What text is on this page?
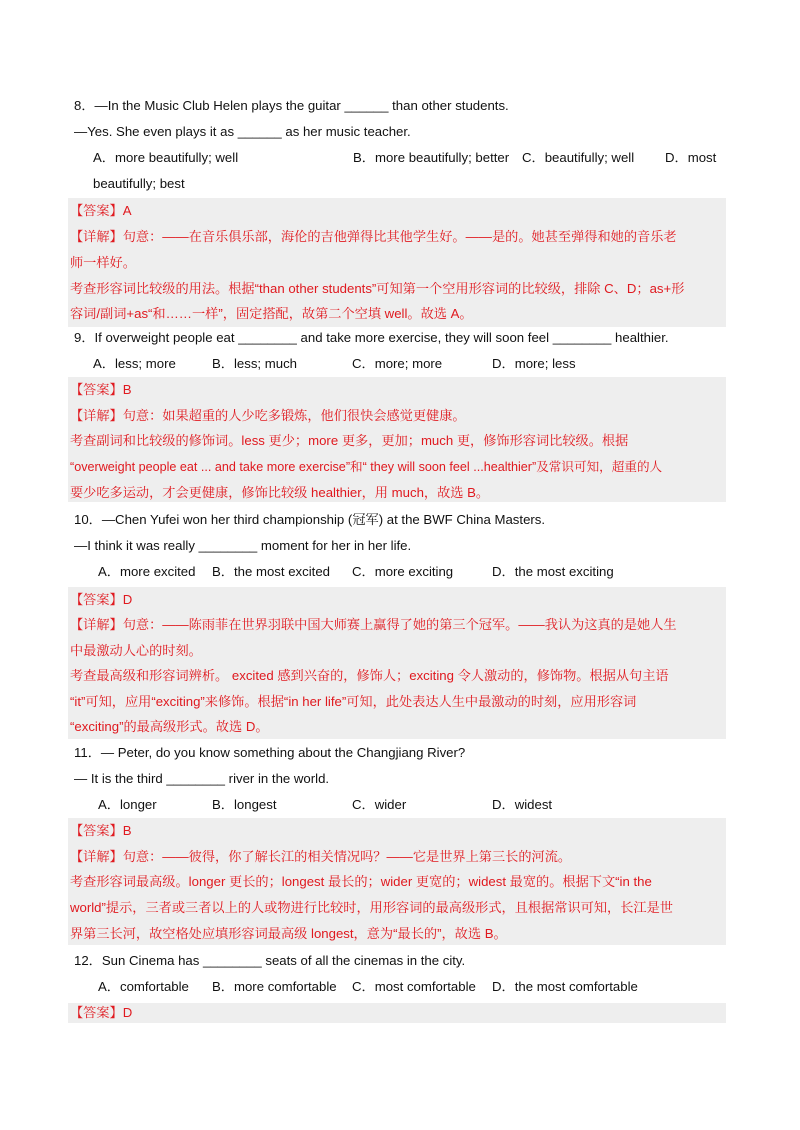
8．—In the Music Club Helen plays the guitar ______ than other students.
—Yes. She even plays it as ______ as her music teacher.
A．more beautifully; well	B．more beautifully; better C．beautifully; well D．most
beautifully; best
【答案】A
【详解】句意：——在音乐俱乐部，海伦的吉他弹得比其他学生好。——是的。她甚至弹得和她的音乐老
师一样好。
考查形容词比较级的用法。根据“than other students”可知第一个空用形容词的比较级，排除 C、D；as+形
容词/副词+as“和……一样”，固定搭配，故第二个空填 well。故选 A。
9．If overweight people eat ________ and take more exercise, they will soon feel ________ healthier.
A．less; more	B．less; much	C．more; more	D．more; less
【答案】B
【详解】句意：如果超重的人少吃多锻炼，他们很快会感觉更健康。
考查副词和比较级的修饰词。less 更少；more 更多，更加；much 更，修饰形容词比较级。根据
“overweight people eat ... and take more exercise”和“ they will soon feel ...healthier”及常识可知，超重的人
要少吃多运动，才会更健康，修饰比较级 healthier，用 much，故选 B。
10．—Chen Yufei won her third championship (冠军) at the BWF China Masters.
—I think it was really ________ moment for her in her life.
A．more excited B．the most excited C．more exciting	D．the most exciting
【答案】D
【详解】句意：——陈雨菲在世界羽联中国大师赛上赢得了她的第三个冠军。——我认为这真的是她人生
中最激动人心的时刻。
考查最高级和形容词辨析。 excited 感到兴奋的，修饰人；exciting 令人激动的，修饰物。根据从句主语
“it”可知，应用“exciting”来修饰。根据“in her life”可知，此处表达人生中最激动的时刻，应用形容词
“exciting”的最高级形式。故选 D。
11．— Peter, do you know something about the Changjiang River?
— It is the third ________ river in the world.
A．longer	B．longest	C．wider	D．widest
【答案】B
【详解】句意：——彼得，你了解长江的相关情况吗？——它是世界上第三长的河流。
考查形容词最高级。longer 更长的；longest 最长的；wider 更宽的；widest 最宽的。根据下文“in the
world”提示，三者或三者以上的人或物进行比较时，用形容词的最高级形式，且根据常识可知，长江是世
界第三长河，故空格处应填形容词最高级 longest，意为“最长的”，故选 B。
12．Sun Cinema has ________ seats of all the cinemas in the city.
A．comfortable B．more comfortable C．most comfortable D．the most comfortable
【答案】D
